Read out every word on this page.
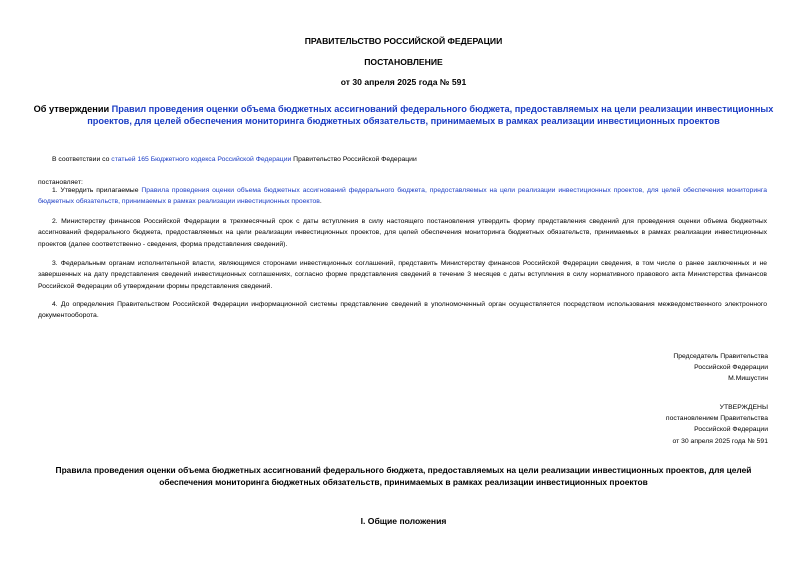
ПРАВИТЕЛЬСТВО РОССИЙСКОЙ ФЕДЕРАЦИИ
ПОСТАНОВЛЕНИЕ
от 30 апреля 2025 года № 591
Об утверждении Правил проведения оценки объема бюджетных ассигнований федерального бюджета, предоставляемых на цели реализации инвестиционных проектов, для целей обеспечения мониторинга бюджетных обязательств, принимаемых в рамках реализации инвестиционных проектов
В соответствии со статьей 165 Бюджетного кодекса Российской Федерации Правительство Российской Федерации
постановляет:

1. Утвердить прилагаемые Правила проведения оценки объема бюджетных ассигнований федерального бюджета, предоставляемых на цели реализации инвестиционных проектов, для целей обеспечения мониторинга бюджетных обязательств, принимаемых в рамках реализации инвестиционных проектов.

2. Министерству финансов Российской Федерации в трехмесячный срок с даты вступления в силу настоящего постановления утвердить форму представления сведений для проведения оценки объема бюджетных ассигнований федерального бюджета, предоставляемых на цели реализации инвестиционных проектов, для целей обеспечения мониторинга бюджетных обязательств, принимаемых в рамках реализации инвестиционных проектов (далее соответственно - сведения, форма представления сведений).

3. Федеральным органам исполнительной власти, являющимся сторонами инвестиционных соглашений, представить Министерству финансов Российской Федерации сведения, в том числе о ранее заключенных и не завершенных на дату представления сведений инвестиционных соглашениях, согласно форме представления сведений в течение 3 месяцев с даты вступления в силу нормативного правового акта Министерства финансов Российской Федерации об утверждении формы представления сведений.

4. До определения Правительством Российской Федерации информационной системы представление сведений в уполномоченный орган осуществляется посредством использования межведомственного электронного документооборота.

Председатель Правительства
Российской Федерации
М.Мишустин
УТВЕРЖДЕНЫ
постановлением Правительства
Российской Федерации
от 30 апреля 2025 года № 591
Правила проведения оценки объема бюджетных ассигнований федерального бюджета, предоставляемых на цели реализации инвестиционных проектов, для целей обеспечения мониторинга бюджетных обязательств, принимаемых в рамках реализации инвестиционных проектов
I. Общие положения
